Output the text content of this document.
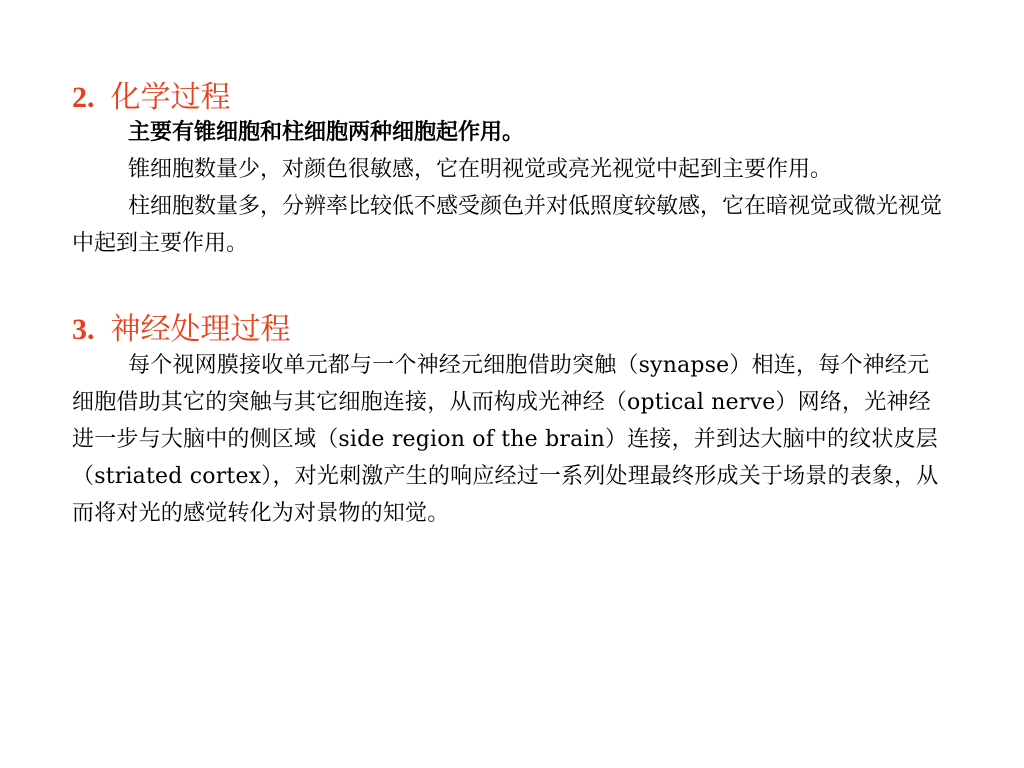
2. 化学过程

主要有锥细胞和柱细胞两种细胞起作用。

锥细胞数量少，对颜色很敏感，它在明视觉或亮光视觉中起到主要作用。

柱细胞数量多，分辨率比较低不感受颜色并对低照度较敏感，它在暗视觉或微光视觉中起到主要作用。

3. 神经处理过程

每个视网膜接收单元都与一个神经元细胞借助突触（synapse）相连，每个神经元细胞借助其它的突触与其它细胞连接，从而构成光神经（optical nerve）网络，光神经进一步与大脑中的侧区域（side region of the brain）连接，并到达大脑中的纹状皮层（striated cortex），对光刺激产生的响应经过一系列处理最终形成关于场景的表象，从而将对光的感觉转化为对景物的知觉。
